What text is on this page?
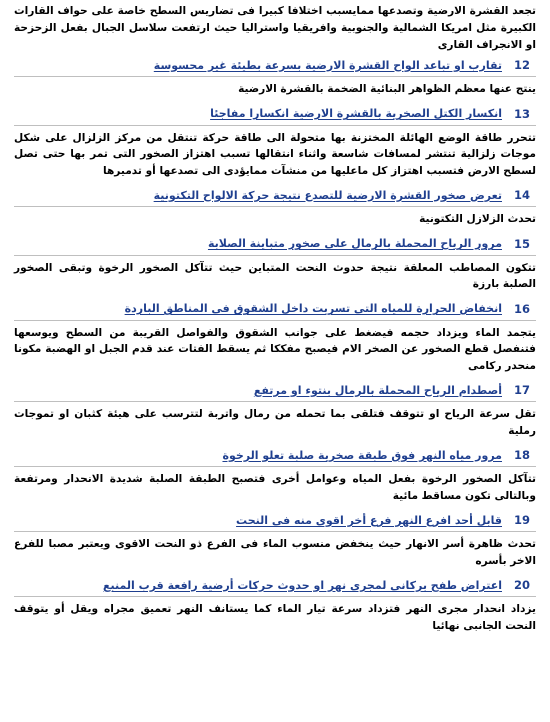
تجعد القشرة الارضية وتصدعها ممايسبب اختلافا كبيرا فى تضاريس السطح خاصة على حواف القارات الكبيرة مثل امريكا الشمالية والجنوبية وافريقيا واستراليا حيث ارتفعت سلاسل الجبال بفعل الزحزحة او الانجراف القارى

12
تقارب او تباعد الواح القشرة الارضية بسرعة بطيئة غير محسوسة

ينتج عنها معظم الظواهر البنائية الضخمة بالقشرة الارضية

13
انكسار الكتل الصخرية بالقشرة الارضية انكسارا مفاجئا

تتحرر طاقة الوضع الهائلة المختزنة بها متحولة الى طاقة حركة تنتقل من مركز الزلزال على شكل موجات زلزالية تنتشر لمسافات شاسعة واثناء انتقالها تسبب اهتزاز الصخور التى تمر بها حتى تصل لسطح الارض فتسبب اهتزاز كل ماعليها من منشآت ممايؤدى الى تصدعها أو تدميرها

14
تعرض صخور القشرة الارضية للتصدع نتيجة حركة الالواح التكتونية

تحدث الزلازل التكتونية

15
مرور الرياح المحملة بالرمال على صخور متباينة الصلابة

تتكون المصاطب المعلقة نتيجة حدوث النحت المتباين حيث تتآكل الصخور الرخوة وتبقى الصخور الصلبة بارزة

16
انخفاض الحرارة للمياه التى تسربت داخل الشقوق فى المناطق الباردة

يتجمد الماء ويزداد حجمه فيضغط على جوانب الشقوق والفواصل القريبة من السطح ويوسعها فتنفصل قطع الصخور عن الصخر الام فيصبح مفككا ثم يسقط الفتات عند قدم الجبل او الهضبة مكونا منحدر ركامى

17
أصطدام الرياح المحملة بالرمال بنتوء او مرتفع

تقل سرعة الرياح او تتوقف فتلقى بما تحمله من رمال واتربة لتترسب على هيئة كثبان او تموجات رملية

18
مرور مياه النهر فوق طبقة صخرية صلبة تعلو الرخوة

تتآكل الصخور الرخوة بفعل المياه وعوامل أخرى فتصبح الطبقة الصلبة شديدة الانحدار ومرتفعة وبالتالى تكون مساقط مائية

19
قابل أحد افرع النهر فرع أخر اقوى منه فى النحت

تحدث ظاهرة أسر الانهار حيث ينخفض منسوب الماء فى الفرع ذو النحت الاقوى ويعتبر مصبا للفرع الاخر بأسره

20
اعتراض طفح بركانى لمجرى نهر او حدوث حركات أرضية رافعة قرب المنبع

يزداد انحدار مجرى النهر فتزداد سرعة تيار الماء كما يستانف النهر تعميق مجراه ويقل أو يتوقف النحت الجانبى نهائيا
